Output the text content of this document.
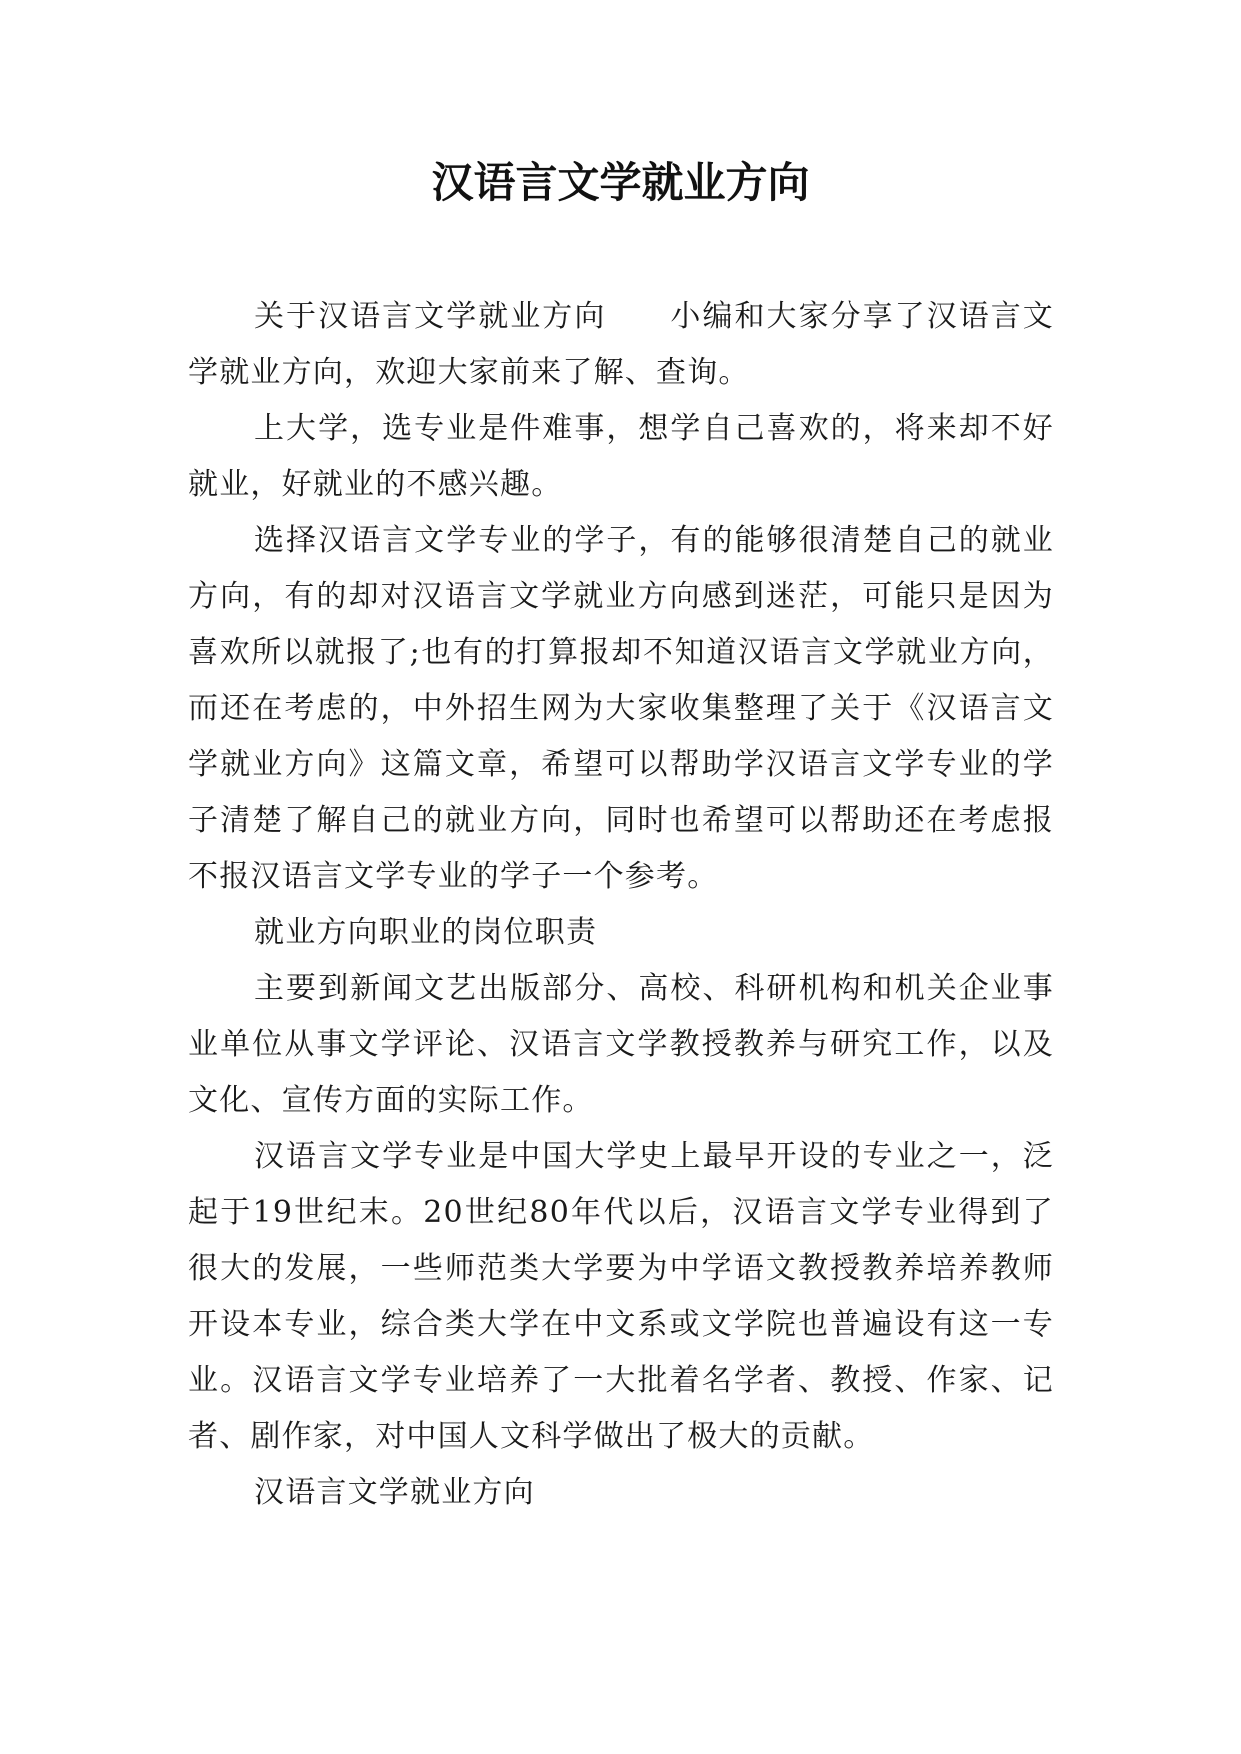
汉语言文学就业方向

关于汉语言文学就业方向　　小编和大家分享了汉语言文学就业方向，欢迎大家前来了解、查询。

上大学，选专业是件难事，想学自己喜欢的，将来却不好就业，好就业的不感兴趣。

选择汉语言文学专业的学子，有的能够很清楚自己的就业方向，有的却对汉语言文学就业方向感到迷茫，可能只是因为喜欢所以就报了;也有的打算报却不知道汉语言文学就业方向，而还在考虑的，中外招生网为大家收集整理了关于《汉语言文学就业方向》这篇文章，希望可以帮助学汉语言文学专业的学子清楚了解自己的就业方向，同时也希望可以帮助还在考虑报不报汉语言文学专业的学子一个参考。

就业方向职业的岗位职责

主要到新闻文艺出版部分、高校、科研机构和机关企业事业单位从事文学评论、汉语言文学教授教养与研究工作，以及文化、宣传方面的实际工作。

汉语言文学专业是中国大学史上最早开设的专业之一，泛起于19世纪末。20世纪80年代以后，汉语言文学专业得到了很大的发展，一些师范类大学要为中学语文教授教养培养教师开设本专业，综合类大学在中文系或文学院也普遍设有这一专业。汉语言文学专业培养了一大批着名学者、教授、作家、记者、剧作家，对中国人文科学做出了极大的贡献。

汉语言文学就业方向
